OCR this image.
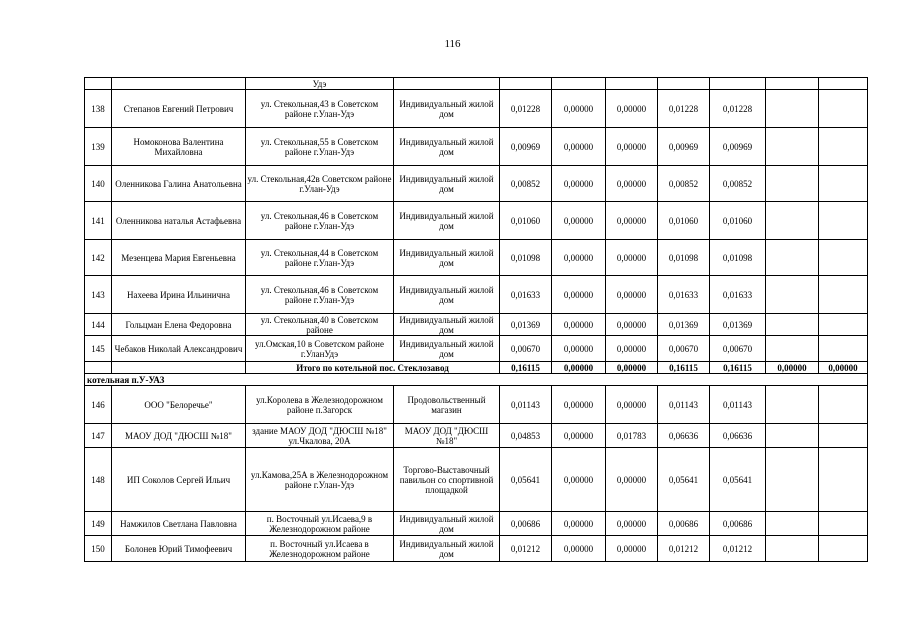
116
		Удэ								
138	Степанов Евгений Петрович	ул. Стекольная,43 в Советском районе г.Улан-Удэ	Индивидуальный жилой дом	0,01228	0,00000	0,00000	0,01228	0,01228		
139	Номоконова Валентина Михайловна	ул. Стекольная,55 в Советском районе г.Улан-Удэ	Индивидуальный жилой дом	0,00969	0,00000	0,00000	0,00969	0,00969		
140	Оленникова Галина Анатольевна	ул. Стекольная,42в Советском районе г.Улан-Удэ	Индивидуальный жилой дом	0,00852	0,00000	0,00000	0,00852	0,00852		
141	Оленникова наталья Астафьевна	ул. Стекольная,46 в Советском районе г.Улан-Удэ	Индивидуальный жилой дом	0,01060	0,00000	0,00000	0,01060	0,01060		
142	Мезенцева Мария Евгеньевна	ул. Стекольная,44 в Советском районе г.Улан-Удэ	Индивидуальный жилой дом	0,01098	0,00000	0,00000	0,01098	0,01098		
143	Нахеева Ирина Ильинична	ул. Стекольная,46 в Советском районе г.Улан-Удэ	Индивидуальный жилой дом	0,01633	0,00000	0,00000	0,01633	0,01633		
144	Гольцман Елена Федоровна	ул. Стекольная,40 в Советском районе	Индивидуальный жилой дом	0,01369	0,00000	0,00000	0,01369	0,01369		
145	Чебаков Николай Александрович	ул.Омская,10 в Советском районе г.УланУдэ	Индивидуальный жилой дом	0,00670	0,00000	0,00000	0,00670	0,00670		
		Итого по котельной пос. Стеклозавод		0,16115	0,00000	0,00000	0,16115	0,16115	0,00000	0,00000
котельная п.У-УАЗ										
146	ООО "Белоречье"	ул.Королева в Железнодорожном районе п.Загорск	Продовольственный магазин	0,01143	0,00000	0,00000	0,01143	0,01143		
147	МАОУ ДОД "ДЮСШ №18"	здание МАОУ ДОД "ДЮСШ №18" ул.Чкалова, 20А	МАОУ ДОД "ДЮСШ №18"	0,04853	0,00000	0,01783	0,06636	0,06636		
148	ИП Соколов Сергей Ильич	ул.Камова,25А в Железнодорожном районе г.Улан-Удэ	Торгово-Выставочный павильон со спортивной площадкой	0,05641	0,00000	0,00000	0,05641	0,05641		
149	Намжилов Светлана Павловна	п. Восточный ул.Исаева,9 в Железнодорожном районе	Индивидуальный жилой дом	0,00686	0,00000	0,00000	0,00686	0,00686		
150	Болонев Юрий Тимофеевич	п. Восточный ул.Исаева в Железнодорожном районе	Индивидуальный жилой дом	0,01212	0,00000	0,00000	0,01212	0,01212		
